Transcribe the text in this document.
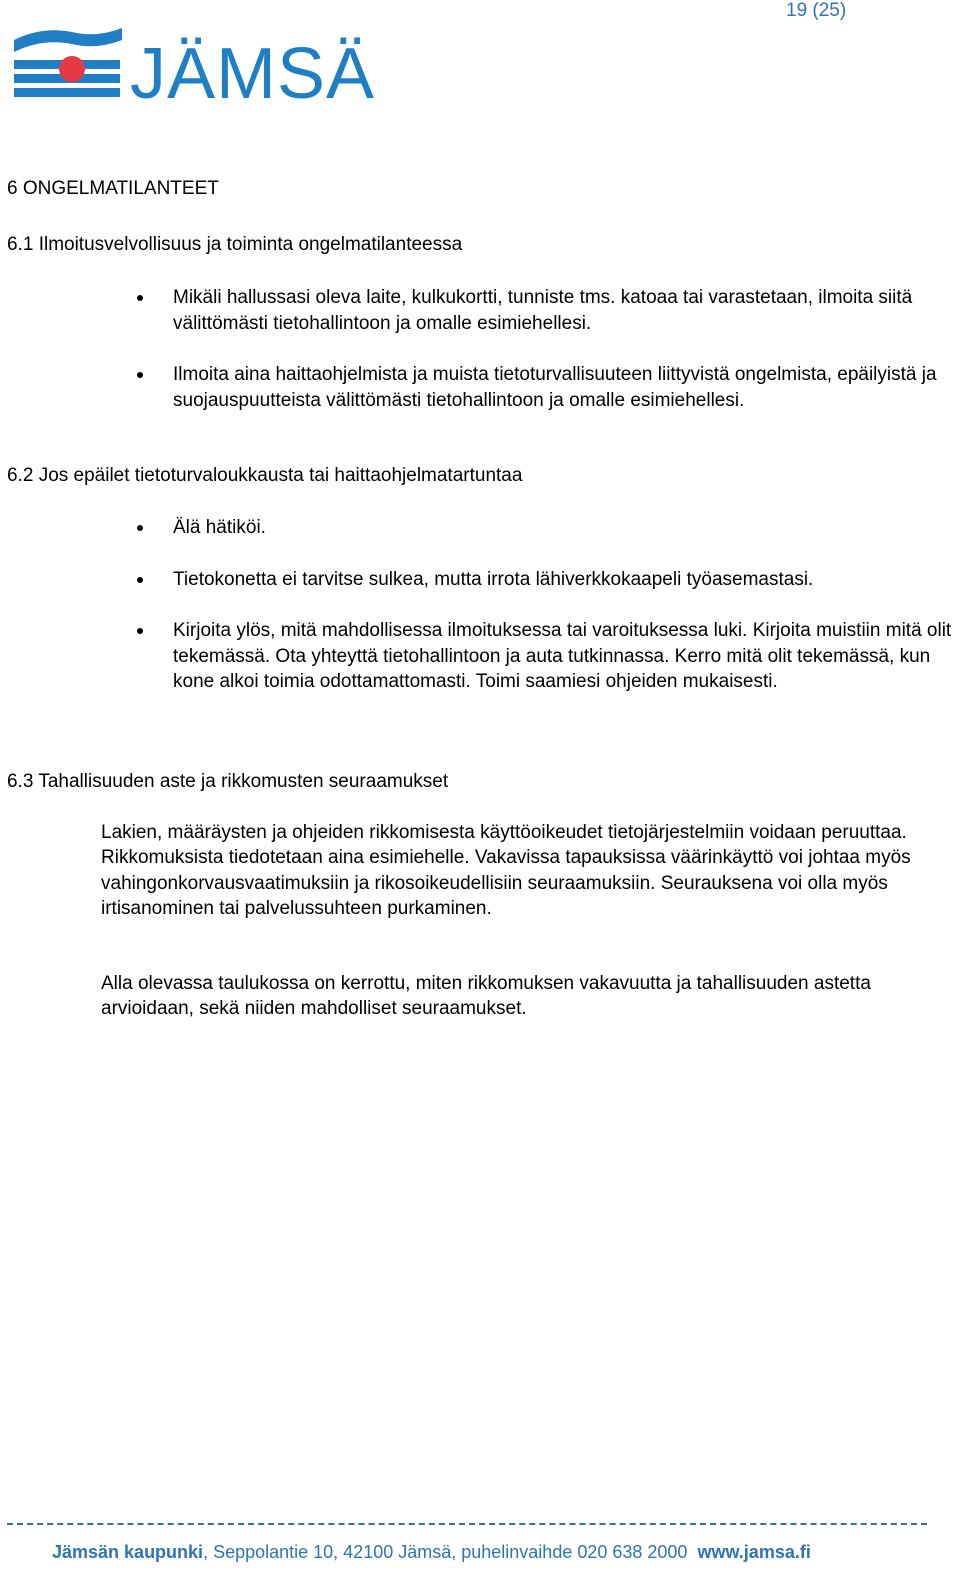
19 (25)
JÄMSÄ
6 ONGELMATILANTEET
6.1 Ilmoitusvelvollisuus ja toiminta ongelmatilanteessa
Mikäli hallussasi oleva laite, kulkukortti, tunniste tms. katoaa tai varastetaan, ilmoita siitä välittömästi tietohallintoon ja omalle esimiehellesi.
Ilmoita aina haittaohjelmista ja muista tietoturvallisuuteen liittyvistä ongelmista, epäilyistä ja suojauspuutteista välittömästi tietohallintoon ja omalle esimiehellesi.
6.2 Jos epäilet tietoturvaloukkausta tai haittaohjelmatartuntaa
Älä hätiköi.
Tietokonetta ei tarvitse sulkea, mutta irrota lähiverkkokaapeli työasemastasi.
Kirjoita ylös, mitä mahdollisessa ilmoituksessa tai varoituksessa luki. Kirjoita muistiin mitä olit tekemässä. Ota yhteyttä tietohallintoon ja auta tutkinnassa. Kerro mitä olit tekemässä, kun kone alkoi toimia odottamattomasti. Toimi saamiesi ohjeiden mukaisesti.
6.3 Tahallisuuden aste ja rikkomusten seuraamukset
Lakien, määräysten ja ohjeiden rikkomisesta käyttöoikeudet tietojärjestelmiin voidaan peruuttaa. Rikkomuksista tiedotetaan aina esimiehelle. Vakavissa tapauksissa väärinkäyttö voi johtaa myös vahingonkorvausvaatimuksiin ja rikosoikeudellisiin seuraamuksiin. Seurauksena voi olla myös irtisanominen tai palvelussuhteen purkaminen.
Alla olevassa taulukossa on kerrottu, miten rikkomuksen vakavuutta ja tahallisuuden astetta arvioidaan, sekä niiden mahdolliset seuraamukset.
Jämsän kaupunki, Seppolantie 10, 42100 Jämsä, puhelinvaihde 020 638 2000 www.jamsa.fi
